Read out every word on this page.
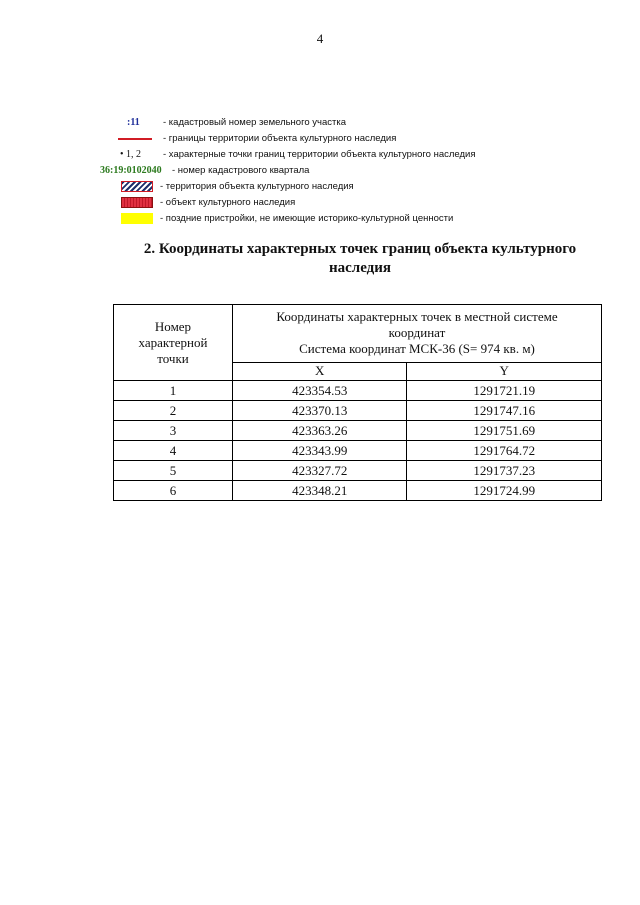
4
:11 - кадастровый номер земельного участка
- границы территории объекта культурного наследия
• 1, 2 - характерные точки границ территории объекта культурного наследия
36:19:0102040 - номер кадастрового квартала
- территория объекта культурного наследия
- объект культурного наследия
- поздние пристройки, не имеющие историко-культурной ценности
2. Координаты характерных точек границ объекта культурного
наследия
Номер
характерной
точки	Координаты характерных точек в местной системе
координат
Система координат МСК-36 (S= 974 кв. м)	
	X	Y
1	423354.53	1291721.19
2	423370.13	1291747.16
3	423363.26	1291751.69
4	423343.99	1291764.72
5	423327.72	1291737.23
6	423348.21	1291724.99
